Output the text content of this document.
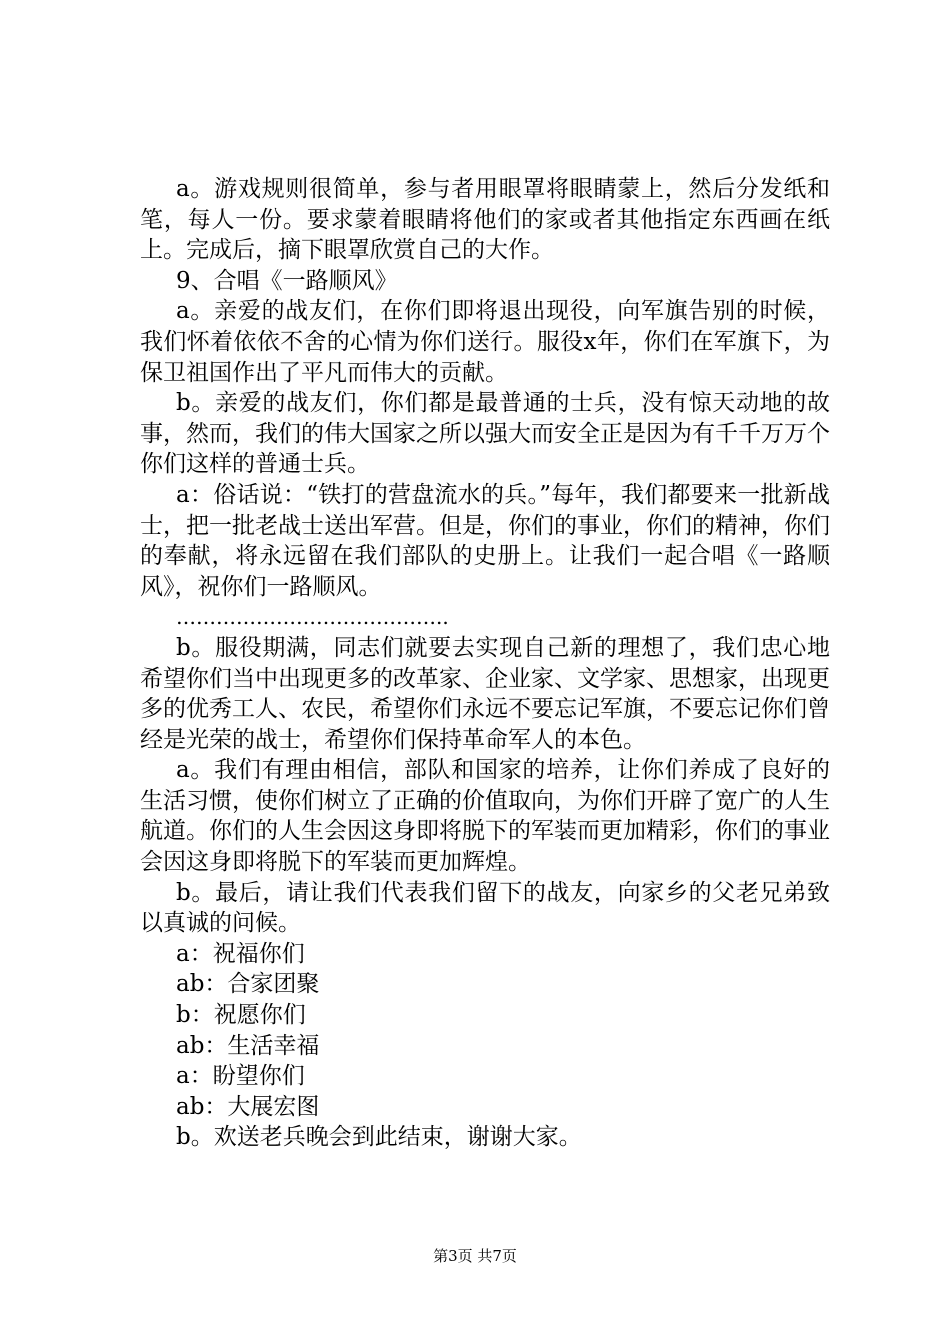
a。游戏规则很简单，参与者用眼罩将眼睛蒙上，然后分发纸和笔，每人一份。要求蒙着眼睛将他们的家或者其他指定东西画在纸上。完成后，摘下眼罩欣赏自己的大作。

9、合唱《一路顺风》

a。亲爱的战友们，在你们即将退出现役，向军旗告别的时候，我们怀着依依不舍的心情为你们送行。服役x年，你们在军旗下，为保卫祖国作出了平凡而伟大的贡献。

b。亲爱的战友们，你们都是最普通的士兵，没有惊天动地的故事，然而，我们的伟大国家之所以强大而安全正是因为有千千万万个你们这样的普通士兵。

a：俗话说：“铁打的营盘流水的兵。”每年，我们都要来一批新战士，把一批老战士送出军营。但是，你们的事业，你们的精神，你们的奉献，将永远留在我们部队的史册上。让我们一起合唱《一路顺风》，祝你们一路顺风。

…………………………………..

b。服役期满，同志们就要去实现自己新的理想了，我们忠心地希望你们当中出现更多的改革家、企业家、文学家、思想家，出现更多的优秀工人、农民，希望你们永远不要忘记军旗，不要忘记你们曾经是光荣的战士，希望你们保持革命军人的本色。

a。我们有理由相信，部队和国家的培养，让你们养成了良好的生活习惯，使你们树立了正确的价值取向，为你们开辟了宽广的人生航道。你们的人生会因这身即将脱下的军装而更加精彩，你们的事业会因这身即将脱下的军装而更加辉煌。

b。最后，请让我们代表我们留下的战友，向家乡的父老兄弟致以真诚的问候。

a：祝福你们

ab：合家团聚

b：祝愿你们

ab：生活幸福

a：盼望你们

ab：大展宏图

b。欢送老兵晚会到此结束，谢谢大家。

第3页 共7页
